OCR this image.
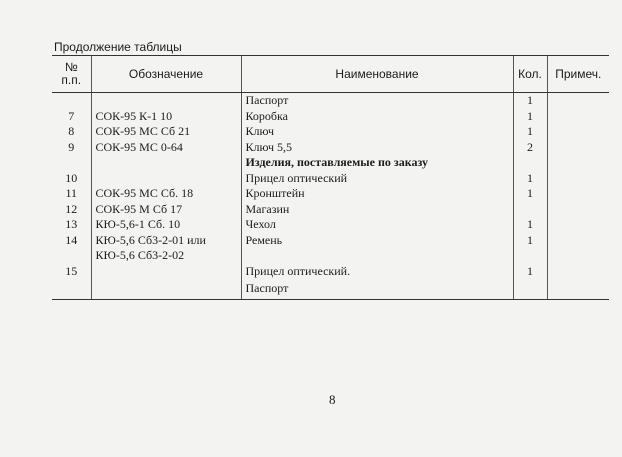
Продолжение таблицы
№
п.п.	Обозначение	Наименование	Кол.	Примеч.
		Паспорт	1	
7	СОК-95 К-1 10	Коробка	1	
8	СОК-95 МС Сб 21	Ключ	1	
9	СОК-95 МС 0-64	Ключ 5,5	2	
		Изделия, поставляемые по заказу		
10		Прицел оптический	1	
11	СОК-95 МС Сб. 18	Кронштейн	1	
12	СОК-95 М Сб 17	Магазин		
13	КЮ-5,6-1 Сб. 10	Чехол	1	
14	КЮ-5,6 Сб3-2-01 или	Ремень	1	
	КЮ-5,6 Сб3-2-02			
15		Прицел оптический.	1	
		Паспорт		
8
